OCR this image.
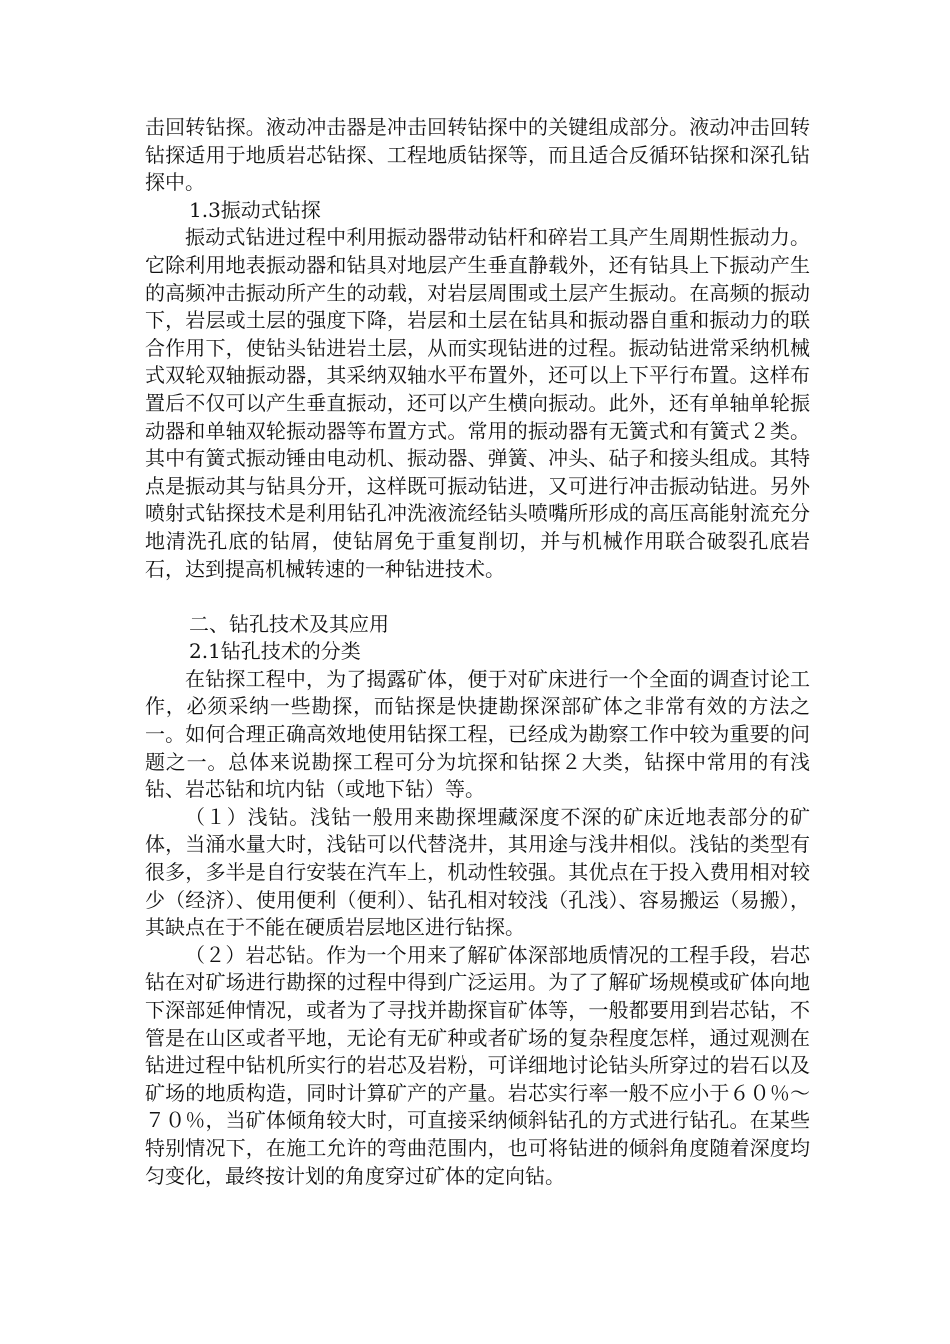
击回转钻探。液动冲击器是冲击回转钻探中的关键组成部分。液动冲击回转钻探适用于地质岩芯钻探、工程地质钻探等，而且适合反循环钻探和深孔钻探中。

1.3振动式钻探

振动式钻进过程中利用振动器带动钻杆和碎岩工具产生周期性振动力。它除利用地表振动器和钻具对地层产生垂直静载外，还有钻具上下振动产生的高频冲击振动所产生的动载，对岩层周围或土层产生振动。在高频的振动下，岩层或土层的强度下降，岩层和土层在钻具和振动器自重和振动力的联合作用下，使钻头钻进岩土层，从而实现钻进的过程。振动钻进常采纳机械式双轮双轴振动器，其采纳双轴水平布置外，还可以上下平行布置。这样布置后不仅可以产生垂直振动，还可以产生横向振动。此外，还有单轴单轮振动器和单轴双轮振动器等布置方式。常用的振动器有无簧式和有簧式２类。其中有簧式振动锤由电动机、振动器、弹簧、冲头、砧子和接头组成。其特点是振动其与钻具分开，这样既可振动钻进，又可进行冲击振动钻进。另外喷射式钻探技术是利用钻孔冲洗液流经钻头喷嘴所形成的高压高能射流充分地清洗孔底的钻屑，使钻屑免于重复削切，并与机械作用联合破裂孔底岩石，达到提高机械转速的一种钻进技术。

二、钻孔技术及其应用

2.1钻孔技术的分类

在钻探工程中，为了揭露矿体，便于对矿床进行一个全面的调查讨论工作，必须采纳一些勘探，而钻探是快捷勘探深部矿体之非常有效的方法之一。如何合理正确高效地使用钻探工程，已经成为勘察工作中较为重要的问题之一。总体来说勘探工程可分为坑探和钻探２大类，钻探中常用的有浅钻、岩芯钻和坑内钻（或地下钻）等。

（１）浅钻。浅钻一般用来勘探埋藏深度不深的矿床近地表部分的矿体，当涌水量大时，浅钻可以代替浇井，其用途与浅井相似。浅钻的类型有很多，多半是自行安装在汽车上，机动性较强。其优点在于投入费用相对较少（经济）、使用便利（便利）、钻孔相对较浅（孔浅）、容易搬运（易搬），其缺点在于不能在硬质岩层地区进行钻探。

（２）岩芯钻。作为一个用来了解矿体深部地质情况的工程手段，岩芯钻在对矿场进行勘探的过程中得到广泛运用。为了了解矿场规模或矿体向地下深部延伸情况，或者为了寻找并勘探盲矿体等，一般都要用到岩芯钻，不管是在山区或者平地，无论有无矿种或者矿场的复杂程度怎样，通过观测在钻进过程中钻机所实行的岩芯及岩粉，可详细地讨论钻头所穿过的岩石以及矿场的地质构造，同时计算矿产的产量。岩芯实行率一般不应小于６０％～７０％，当矿体倾角较大时，可直接采纳倾斜钻孔的方式进行钻孔。在某些特别情况下，在施工允许的弯曲范围内，也可将钻进的倾斜角度随着深度均匀变化，最终按计划的角度穿过矿体的定向钻。
